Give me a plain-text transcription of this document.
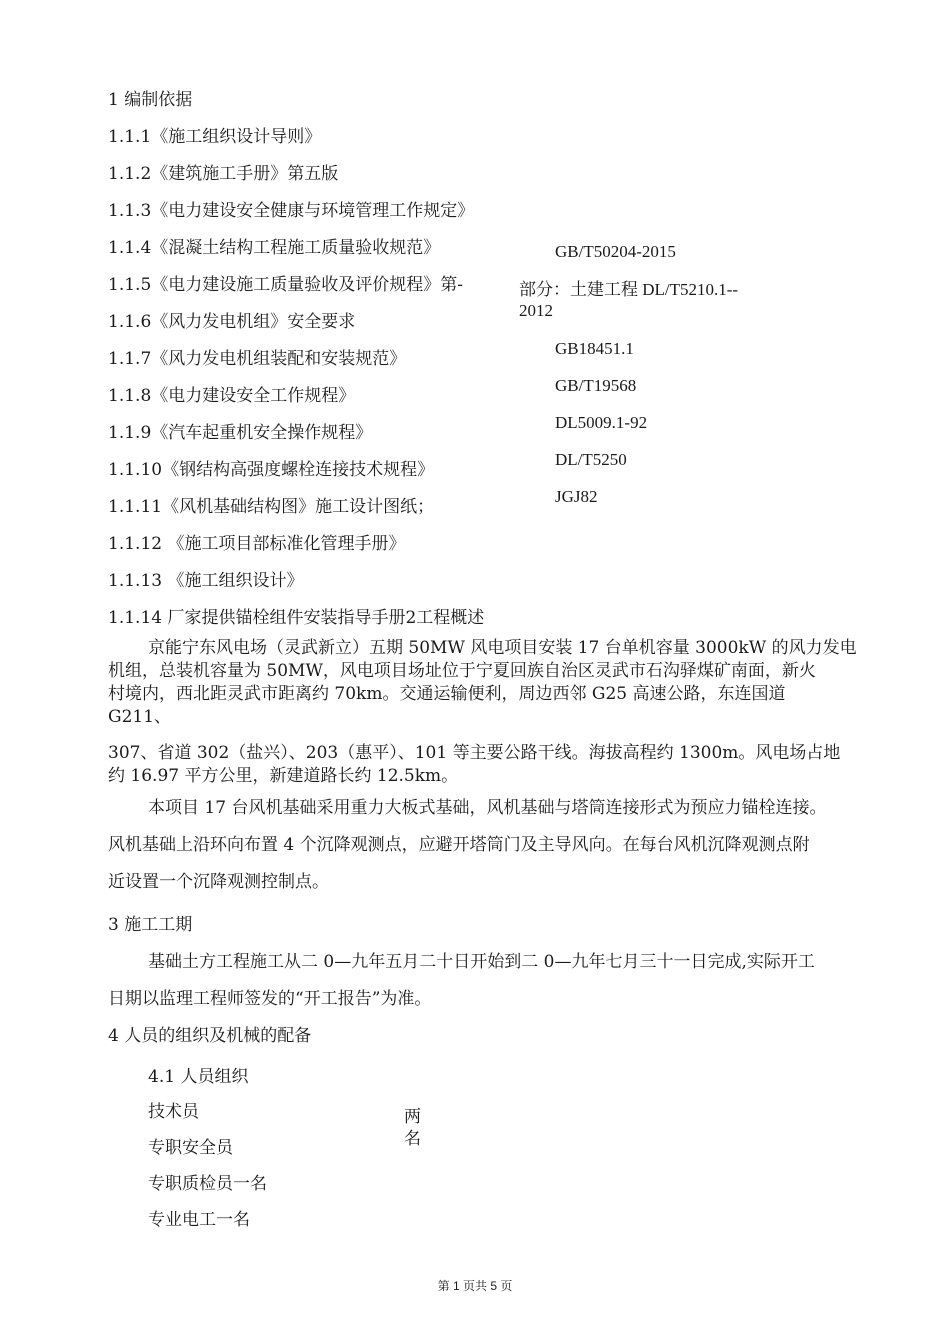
1 编制依据
1.1.1《施工组织设计导则》
1.1.2《建筑施工手册》第五版
1.1.3《电力建设安全健康与环境管理工作规定》
1.1.4《混凝土结构工程施工质量验收规范》
1.1.5《电力建设施工质量验收及评价规程》第-
1.1.6《风力发电机组》安全要求
1.1.7《风力发电机组装配和安装规范》
1.1.8《电力建设安全工作规程》
1.1.9《汽车起重机安全操作规程》
1.1.10《钢结构高强度螺栓连接技术规程》
1.1.11《风机基础结构图》施工设计图纸；
1.1.12 《施工项目部标准化管理手册》
1.1.13 《施工组织设计》
1.1.14 厂家提供锚栓组件安装指导手册2工程概述
GB/T50204-2015
部分：土建工程 DL/T5210.1--
2012
GB18451.1
GB/T19568
DL5009.1-92
DL/T5250
JGJ82
京能宁东风电场（灵武新立）五期 50MW 风电项目安装 17 台单机容量 3000kW 的风力发电
机组，总装机容量为 50MW，风电项目场址位于宁夏回族自治区灵武市石沟驿煤矿南面，新火
村境内，西北距灵武市距离约 70km。交通运输便利，周边西邻 G25 高速公路，东连国道
G211、
307、省道 302（盐兴）、203（惠平）、101 等主要公路干线。海拔高程约 1300m。风电场占地
约 16.97 平方公里，新建道路长约 12.5km。
本项目 17 台风机基础采用重力大板式基础，风机基础与塔筒连接形式为预应力锚栓连接。
风机基础上沿环向布置 4 个沉降观测点，应避开塔筒门及主导风向。在每台风机沉降观测点附
近设置一个沉降观测控制点。
3 施工工期
基础土方工程施工从二 0—九年五月二十日开始到二 0—九年七月三十一日完成,实际开工
日期以监理工程师签发的“开工报告”为准。
4 人员的组织及机械的配备
4.1 人员组织
技术员
专职安全员
专职质检员一名
专业电工一名
两
名
第 1 页共 5 页
